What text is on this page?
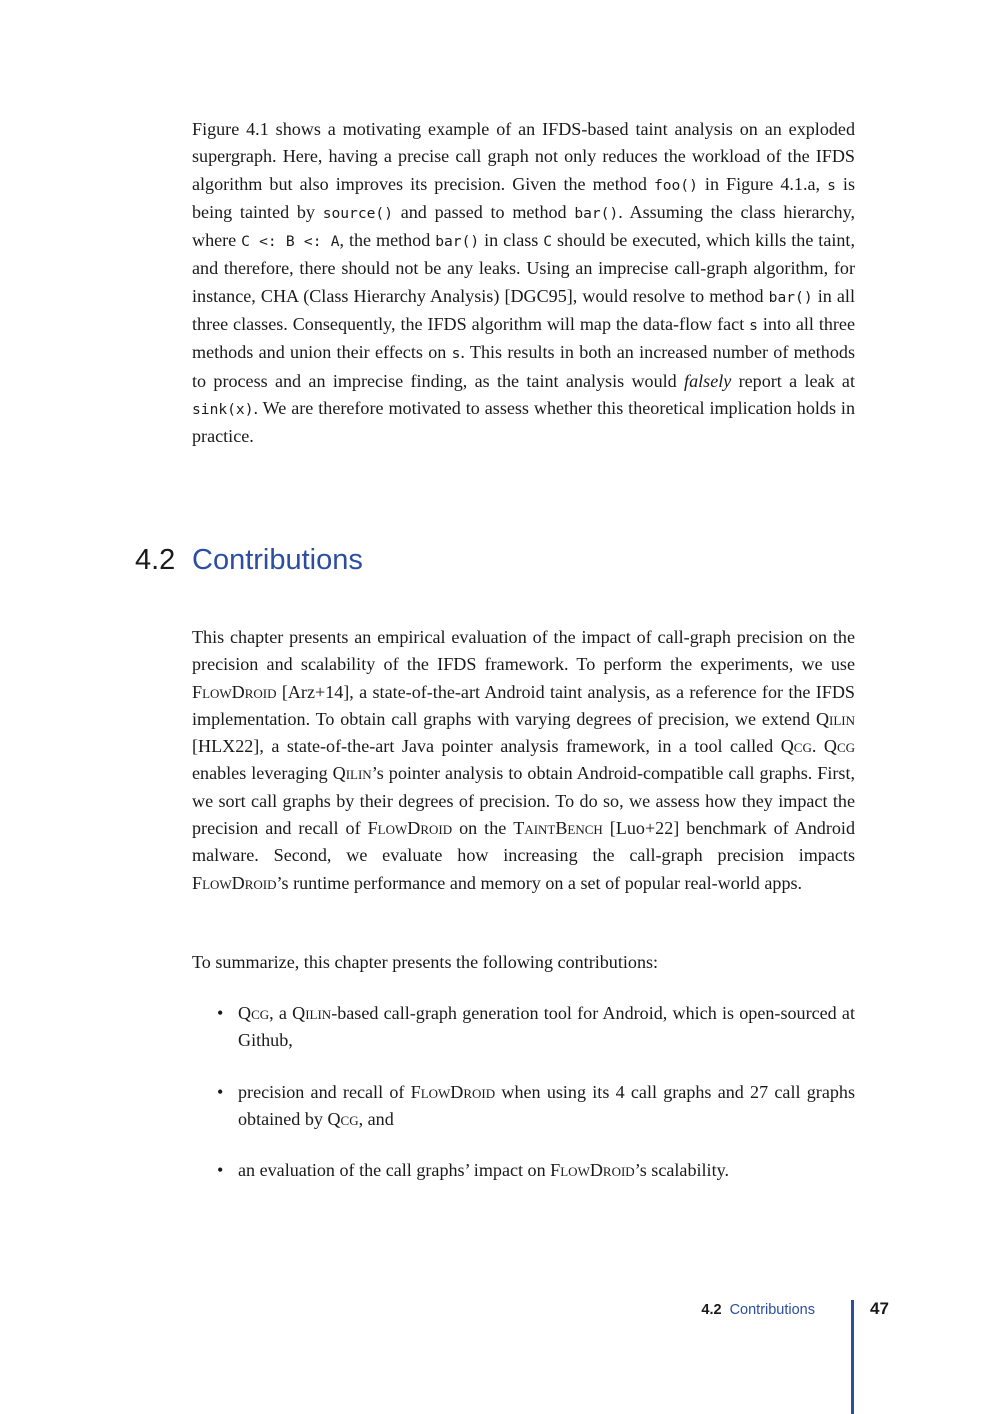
Figure 4.1 shows a motivating example of an IFDS-based taint analysis on an exploded supergraph. Here, having a precise call graph not only reduces the workload of the IFDS algorithm but also improves its precision. Given the method foo() in Figure 4.1.a, s is being tainted by source() and passed to method bar(). Assuming the class hierarchy, where C <: B <: A, the method bar() in class C should be executed, which kills the taint, and therefore, there should not be any leaks. Using an imprecise call-graph algorithm, for instance, CHA (Class Hierarchy Analysis) [DGC95], would resolve to method bar() in all three classes. Consequently, the IFDS algorithm will map the data-flow fact s into all three methods and union their effects on s. This results in both an increased number of methods to process and an imprecise finding, as the taint analysis would falsely report a leak at sink(x). We are therefore motivated to assess whether this theoretical implication holds in practice.

4.2 Contributions

This chapter presents an empirical evaluation of the impact of call-graph precision on the precision and scalability of the IFDS framework. To perform the experiments, we use FlowDroid [Arz+14], a state-of-the-art Android taint analysis, as a reference for the IFDS implementation. To obtain call graphs with varying degrees of precision, we extend Qilin [HLX22], a state-of-the-art Java pointer analysis framework, in a tool called Qcg. Qcg enables leveraging Qilin’s pointer analysis to obtain Android-compatible call graphs. First, we sort call graphs by their degrees of precision. To do so, we assess how they impact the precision and recall of FlowDroid on the TaintBench [Luo+22] benchmark of Android malware. Second, we evaluate how increasing the call-graph precision impacts FlowDroid’s runtime performance and memory on a set of popular real-world apps.

To summarize, this chapter presents the following contributions:

• Qcg, a Qilin-based call-graph generation tool for Android, which is open-sourced at Github,
• precision and recall of FlowDroid when using its 4 call graphs and 27 call graphs obtained by Qcg, and
• an evaluation of the call graphs’ impact on FlowDroid’s scalability.
4.2 Contributions	47
